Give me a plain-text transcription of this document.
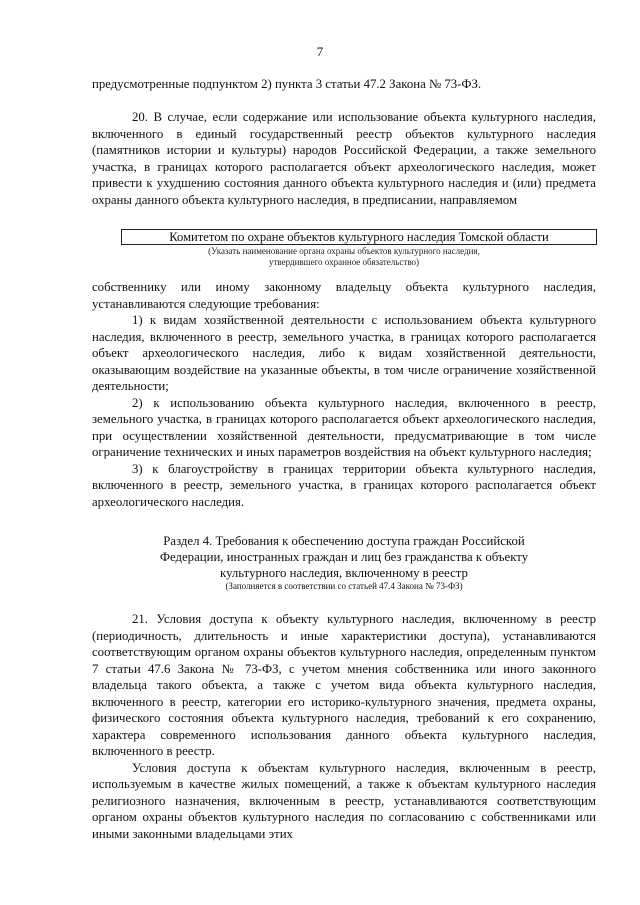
7

предусмотренные подпунктом 2) пункта 3 статьи 47.2 Закона № 73-ФЗ.

20. В случае, если содержание или использование объекта культурного наследия, включенного в единый государственный реестр объектов культурного наследия (памятников истории и культуры) народов Российской Федерации, а также земельного участка, в границах которого располагается объект археологического наследия, может привести к ухудшению состояния данного объекта культурного наследия и (или) предмета охраны данного объекта культурного наследия, в предписании, направляемом

Комитетом по охране объектов культурного наследия Томской области
(Указать наименование органа охраны объектов культурного наследия,
утвердившего охранное обязательство)

собственнику или иному законному владельцу объекта культурного наследия, устанавливаются следующие требования:

1) к видам хозяйственной деятельности с использованием объекта культурного наследия, включенного в реестр, земельного участка, в границах которого располагается объект археологического наследия, либо к видам хозяйственной деятельности, оказывающим воздействие на указанные объекты, в том числе ограничение хозяйственной деятельности;

2) к использованию объекта культурного наследия, включенного в реестр, земельного участка, в границах которого располагается объект археологического наследия, при осуществлении хозяйственной деятельности, предусматривающие в том числе ограничение технических и иных параметров воздействия на объект культурного наследия;

3) к благоустройству в границах территории объекта культурного наследия, включенного в реестр, земельного участка, в границах которого располагается объект археологического наследия.

Раздел 4. Требования к обеспечению доступа граждан Российской
Федерации, иностранных граждан и лиц без гражданства к объекту
культурного наследия, включенному в реестр
(Заполняется в соответствии со статьей 47.4 Закона № 73-ФЗ)

21. Условия доступа к объекту культурного наследия, включенному в реестр (периодичность, длительность и иные характеристики доступа), устанавливаются соответствующим органом охраны объектов культурного наследия, определенным пунктом 7 статьи 47.6 Закона № 73-ФЗ, с учетом мнения собственника или иного законного владельца такого объекта, а также с учетом вида объекта культурного наследия, включенного в реестр, категории его историко-культурного значения, предмета охраны, физического состояния объекта культурного наследия, требований к его сохранению, характера современного использования данного объекта культурного наследия, включенного в реестр.

Условия доступа к объектам культурного наследия, включенным в реестр, используемым в качестве жилых помещений, а также к объектам культурного наследия религиозного назначения, включенным в реестр, устанавливаются соответствующим органом охраны объектов культурного наследия по согласованию с собственниками или иными законными владельцами этих
